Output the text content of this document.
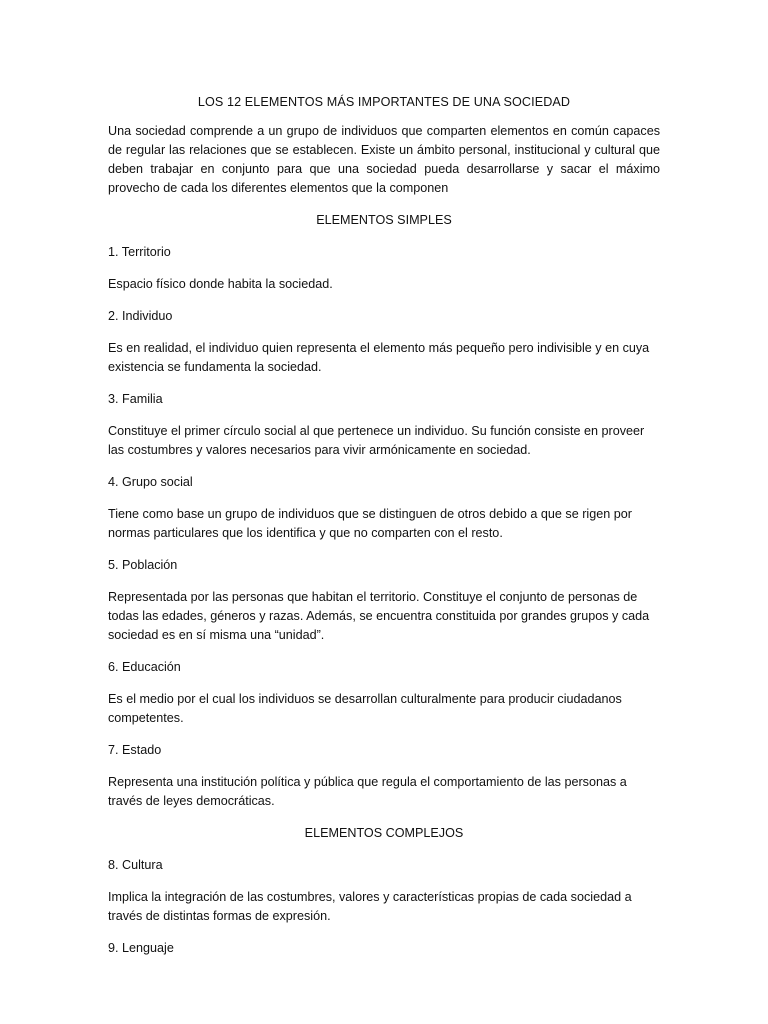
LOS 12 ELEMENTOS MÁS IMPORTANTES DE UNA SOCIEDAD

Una sociedad comprende a un grupo de individuos que comparten elementos en común capaces de regular las relaciones que se establecen. Existe un ámbito personal, institucional y cultural que deben trabajar en conjunto para que una sociedad pueda desarrollarse y sacar el máximo provecho de cada los diferentes elementos que la componen

ELEMENTOS SIMPLES

1. Territorio

Espacio físico donde habita la sociedad.

2. Individuo

Es en realidad, el individuo quien representa el elemento más pequeño pero indivisible y en cuya existencia se fundamenta la sociedad.

3. Familia

Constituye el primer círculo social al que pertenece un individuo. Su función consiste en proveer las costumbres y valores necesarios para vivir armónicamente en sociedad.

4. Grupo social

Tiene como base un grupo de individuos que se distinguen de otros debido a que se rigen por normas particulares que los identifica y que no comparten con el resto.

5. Población

Representada por las personas que habitan el territorio. Constituye el conjunto de personas de todas las edades, géneros y razas. Además, se encuentra constituida por grandes grupos y cada sociedad es en sí misma una “unidad”.

6. Educación

Es el medio por el cual los individuos se desarrollan culturalmente para producir ciudadanos competentes.

7. Estado

Representa una institución política y pública que regula el comportamiento de las personas a través de leyes democráticas.

ELEMENTOS COMPLEJOS

8. Cultura

Implica la integración de las costumbres, valores y características propias de cada sociedad a través de distintas formas de expresión.

9. Lenguaje
